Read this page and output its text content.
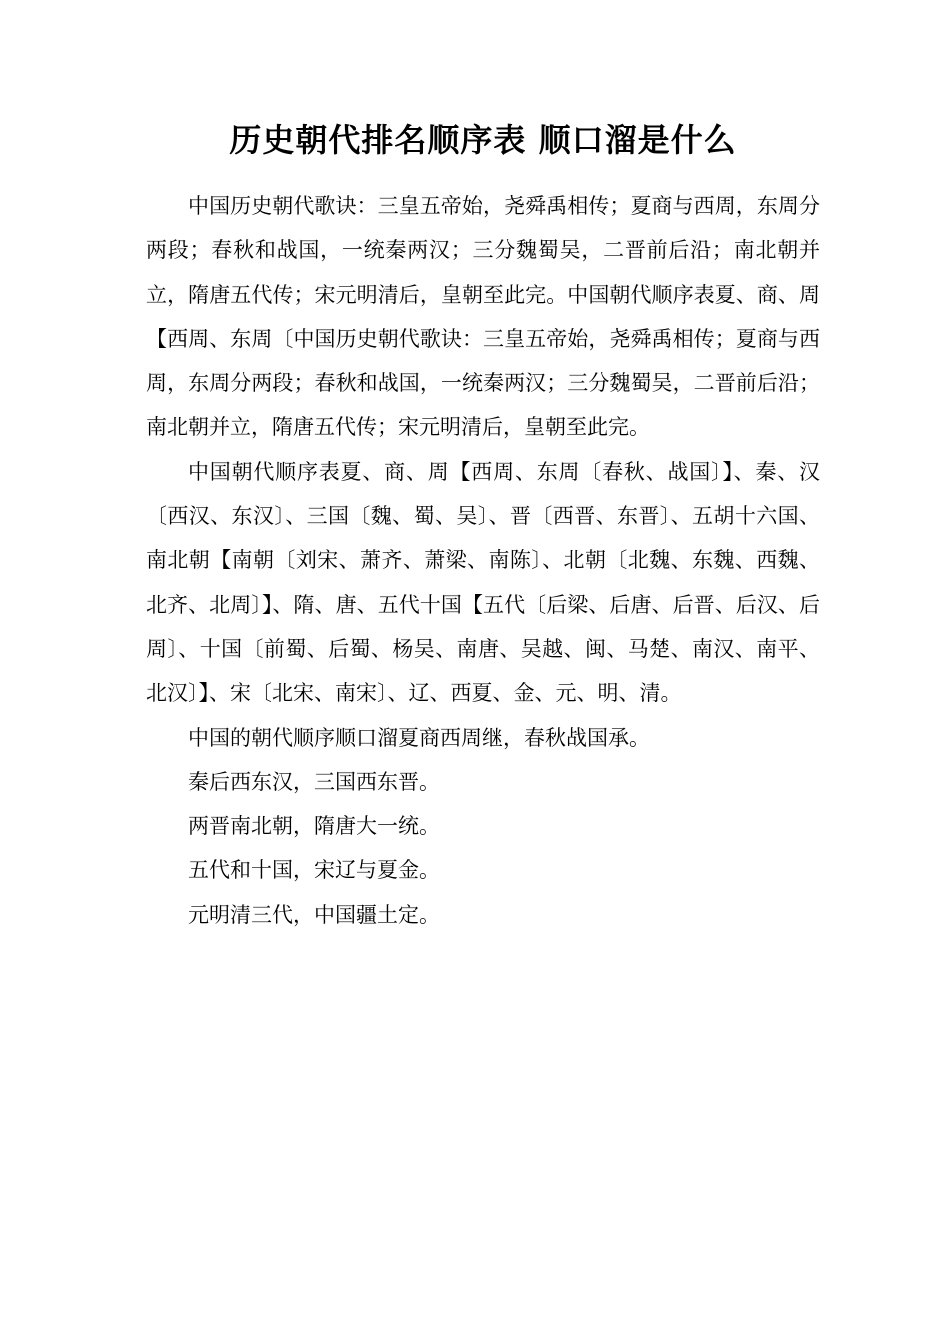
历史朝代排名顺序表 顺口溜是什么

中国历史朝代歌诀：三皇五帝始，尧舜禹相传；夏商与西周，东周分两段；春秋和战国，一统秦两汉；三分魏蜀吴，二晋前后沿；南北朝并立，隋唐五代传；宋元明清后，皇朝至此完。中国朝代顺序表夏、商、周【西周、东周〔中国历史朝代歌诀：三皇五帝始，尧舜禹相传；夏商与西周，东周分两段；春秋和战国，一统秦两汉；三分魏蜀吴，二晋前后沿；南北朝并立，隋唐五代传；宋元明清后，皇朝至此完。

中国朝代顺序表夏、商、周【西周、东周〔春秋、战国〕】、秦、汉〔西汉、东汉〕、三国〔魏、蜀、吴〕、晋〔西晋、东晋〕、五胡十六国、南北朝【南朝〔刘宋、萧齐、萧梁、南陈〕、北朝〔北魏、东魏、西魏、北齐、北周〕】、隋、唐、五代十国【五代〔后梁、后唐、后晋、后汉、后周〕、十国〔前蜀、后蜀、杨吴、南唐、吴越、闽、马楚、南汉、南平、北汉〕】、宋〔北宋、南宋〕、辽、西夏、金、元、明、清。

中国的朝代顺序顺口溜夏商西周继，春秋战国承。

秦后西东汉，三国西东晋。

两晋南北朝，隋唐大一统。

五代和十国，宋辽与夏金。

元明清三代，中国疆土定。
